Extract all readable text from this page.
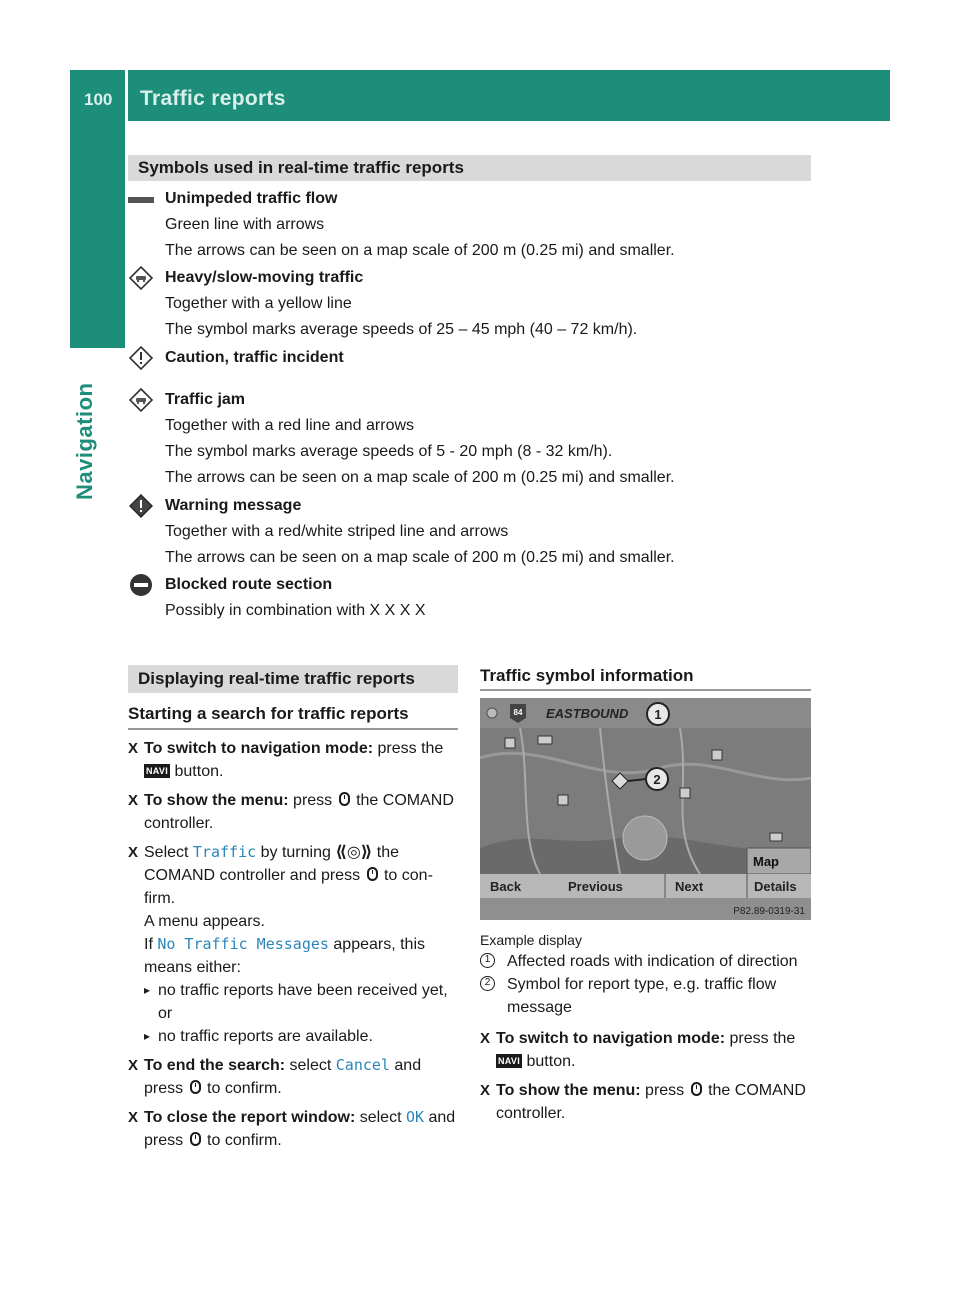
100 Traffic reports
Navigation
Symbols used in real-time traffic reports
Unimpeded traffic flow
Green line with arrows
The arrows can be seen on a map scale of 200 m (0.25 mi) and smaller.
Heavy/slow-moving traffic
Together with a yellow line
The symbol marks average speeds of 25 – 45 mph (40 – 72 km/h).
Caution, traffic incident
Traffic jam
Together with a red line and arrows
The symbol marks average speeds of 5 - 20 mph (8 - 32 km/h).
The arrows can be seen on a map scale of 200 m (0.25 mi) and smaller.
Warning message
Together with a red/white striped line and arrows
The arrows can be seen on a map scale of 200 m (0.25 mi) and smaller.
Blocked route section
Possibly in combination with X X X X
Displaying real-time traffic reports
Starting a search for traffic reports
X To switch to navigation mode: press the
NAVI button.
X To show the menu: press the COMAND controller.
X Select Traffic by turning ⟪◎⟫ the COMAND controller and press to con- firm.
A menu appears.
If No Traffic Messages appears, this means either:
▸ no traffic reports have been received yet, or
▸ no traffic reports are available.
X To end the search: select Cancel and press to confirm.
X To close the report window: select OK and press to confirm.
Traffic symbol information
84 EASTBOUND 1
2
Map
Back	Previous	Next	Details
P82.89-0319-31
Example display
1 Affected roads with indication of direction
2 Symbol for report type, e.g. traffic flow message
X To switch to navigation mode: press the
NAVI button.
X To show the menu: press the COMAND controller.
